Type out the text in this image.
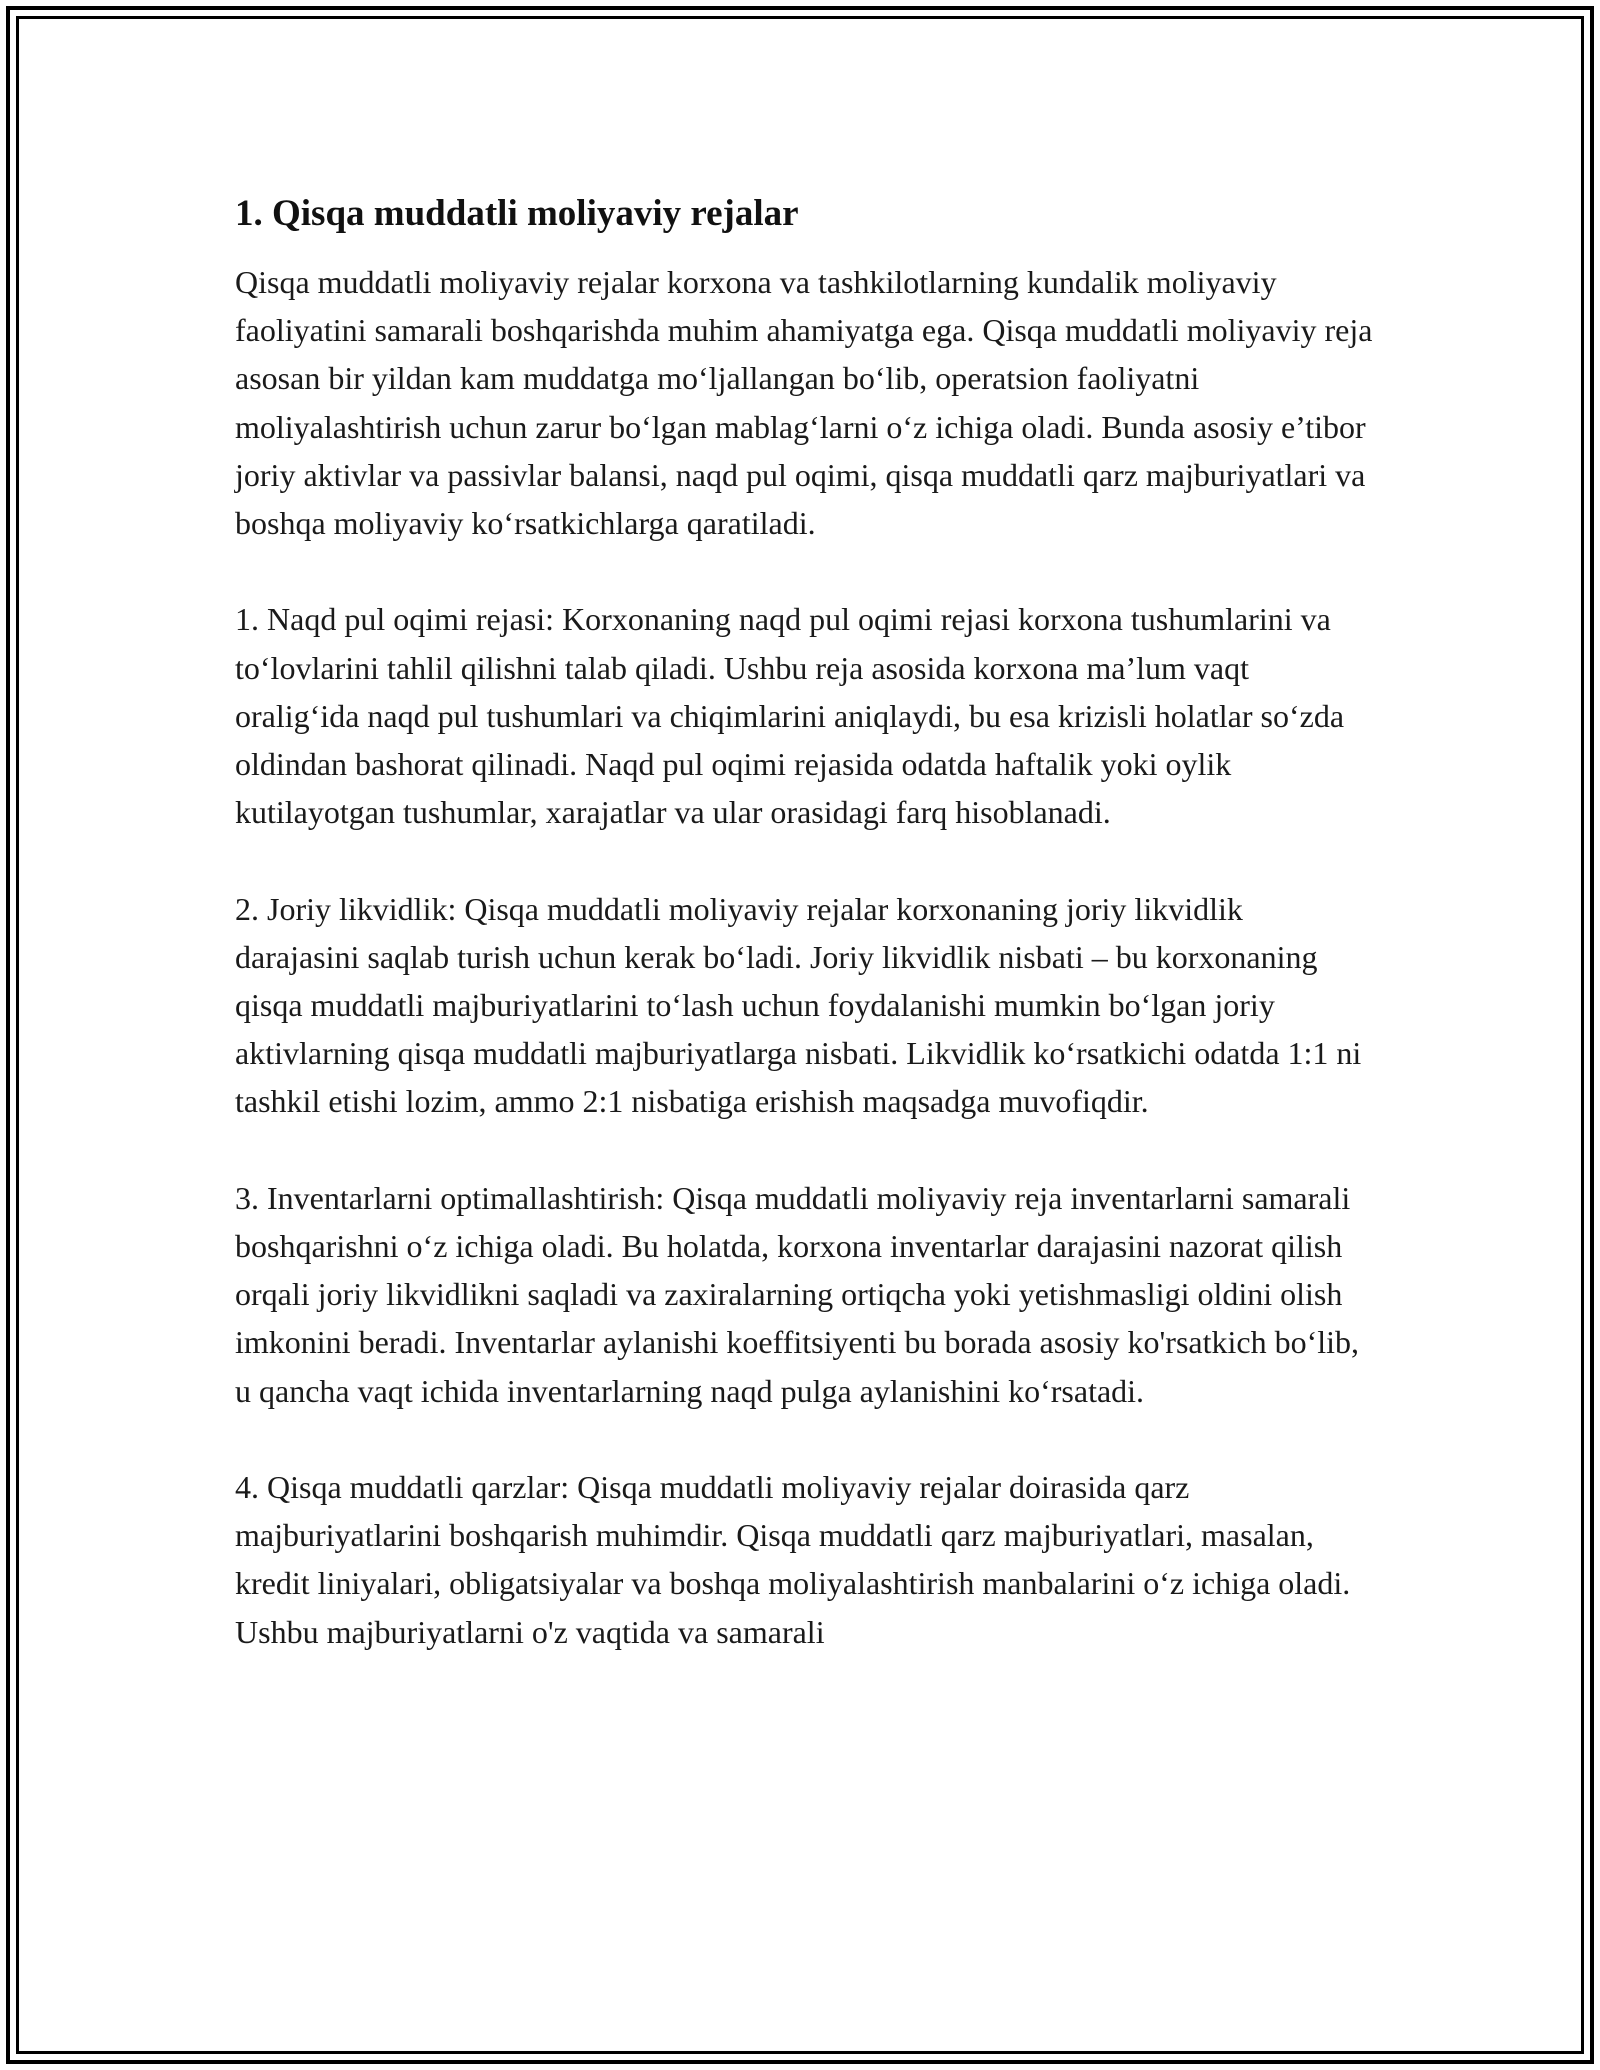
1. Qisqa muddatli moliyaviy rejalar

Qisqa muddatli moliyaviy rejalar korxona va tashkilotlarning kundalik moliyaviy faoliyatini samarali boshqarishda muhim ahamiyatga ega. Qisqa muddatli moliyaviy reja asosan bir yildan kam muddatga mo‘ljallangan bo‘lib, operatsion faoliyatni moliyalashtirish uchun zarur bo‘lgan mablag‘larni o‘z ichiga oladi. Bunda asosiy e’tibor joriy aktivlar va passivlar balansi, naqd pul oqimi, qisqa muddatli qarz majburiyatlari va boshqa moliyaviy ko‘rsatkichlarga qaratiladi.

1. Naqd pul oqimi rejasi: Korxonaning naqd pul oqimi rejasi korxona tushumlarini va to‘lovlarini tahlil qilishni talab qiladi. Ushbu reja asosida korxona ma’lum vaqt oralig‘ida naqd pul tushumlari va chiqimlarini aniqlaydi, bu esa krizisli holatlar so‘zda oldindan bashorat qilinadi. Naqd pul oqimi rejasida odatda haftalik yoki oylik kutilayotgan tushumlar, xarajatlar va ular orasidagi farq hisoblanadi.

2. Joriy likvidlik: Qisqa muddatli moliyaviy rejalar korxonaning joriy likvidlik darajasini saqlab turish uchun kerak bo‘ladi. Joriy likvidlik nisbati – bu korxonaning qisqa muddatli majburiyatlarini to‘lash uchun foydalanishi mumkin bo‘lgan joriy aktivlarning qisqa muddatli majburiyatlarga nisbati. Likvidlik ko‘rsatkichi odatda 1:1 ni tashkil etishi lozim, ammo 2:1 nisbatiga erishish maqsadga muvofiqdir.

3. Inventarlarni optimallashtirish: Qisqa muddatli moliyaviy reja inventarlarni samarali boshqarishni o‘z ichiga oladi. Bu holatda, korxona inventarlar darajasini nazorat qilish orqali joriy likvidlikni saqladi va zaxiralarning ortiqcha yoki yetishmasligi oldini olish imkonini beradi. Inventarlar aylanishi koeffitsiyenti bu borada asosiy ko'rsatkich bo‘lib, u qancha vaqt ichida inventarlarning naqd pulga aylanishini ko‘rsatadi.

4. Qisqa muddatli qarzlar: Qisqa muddatli moliyaviy rejalar doirasida qarz majburiyatlarini boshqarish muhimdir. Qisqa muddatli qarz majburiyatlari, masalan, kredit liniyalari, obligatsiyalar va boshqa moliyalashtirish manbalarini o‘z ichiga oladi. Ushbu majburiyatlarni o'z vaqtida va samarali
